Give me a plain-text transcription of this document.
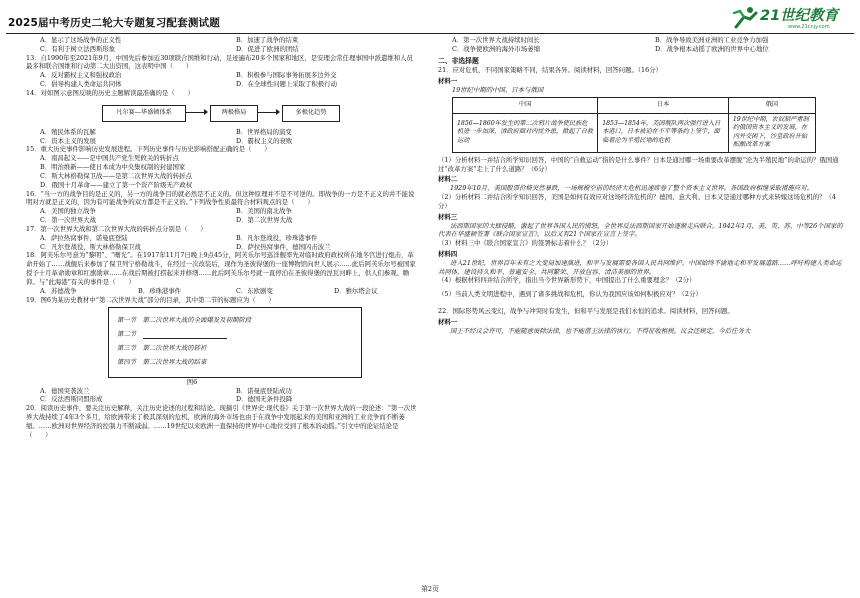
2025届中考历史二轮大专题复习配套测试题	21世纪教育
www.21cnjy.com
A．显示了这场战争的正义性	B．加速了战争的结束
C．有利于树立法西斯形象	D．促进了欧洲的团结

13．自1990年至2021年9月，中国先后参加近30项联合国维和行动，足迹遍布20多个国家和地区，是安理会常任理事国中派遣维和人员最多和联合国维和行动第二大出资国，这表明中国（　　）

A．反对霸权主义和强权政治	B．积极参与国际事务拓展多边外交
C．倡导构建人类命运共同体	D．在全球性问题上采取了积极行动

14．对如图示意图反映的历史主题解读最准确的是（　　）

凡尔赛—华盛顿体系	两极格局	多极化趋势
A．殖民体系的瓦解	B．世界格局的演变
C．资本主义的发展	D．霸权主义的衰败

15．重大历史事件影响历史发展进程。下列历史事件与历史影响搭配正确的是（　　）

A．南昌起义——是中国共产党生死攸关的转折点

B．明治维新——使日本成为中央集权制的封建国家

C．斯大林格勒保卫战——是第二次世界大战的转折点

D．俄国十月革命——建立了第一个资产阶级无产政权

16．“当一方的战争目的是正义的，另一方的战争目的就必然是不正义的。但这种原理并不是不可逆的。即战争的一方是不正义的并不能说明对方就是正义的，因为有可能战争的双方都是不正义的。”下列战争性质最符合材料观点的是（　　）

A．美国的独立战争	B．美国的南北战争
C．第一次世界大战	D．第二次世界大战

17．第一次世界大战和第二次世界大战的转折点分别是（　　）

A．萨拉热窝事件，诺曼底登陆	B．凡尔登战役，珍珠港事件
C．凡尔登战役，斯大林格勒保卫战	D．萨拉热窝事件，德国闪击波兰

18．阿芙乐尔号意为“黎明”、“曙光”。在1917年11月7日晚上9点45分，阿芙乐尔号巡洋舰率先对临时政府政权所在地冬宫进行炮击，革命开始了……战舰后来参加了保卫列宁格勒战斗，在经过一次改装后，现作为圣彼得堡的一座博物馆向世人展示……此后阿芙乐尔号被国家授予十月革命勋章和红旗勋章……在战后期被打捞起来并修缮……此后阿芙乐尔号就一直停泊在圣彼得堡的涅瓦河畔上，供人们参观、瞻仰。与“此海港”有关的事件是（　　）

A．苏德战争	B．珍珠港事件	C．东欧剧变	D．雅尔塔会议

19．图6为某历史教材中“第二次世界大战”部分的目录，其中第二节的标题应为（　　）

第一节　第二次世界大战的全面爆发及初期阶段

第二节　

第三节　第二次世界大战的转折

第四节　第二次世界大战的结束

图6

A．德国突袭波兰	B．诺曼底登陆成功
C．反法西斯同盟形成	D．德国无条件投降

20．阅读历史事件，要关注历史解释，关注历史论述的过程和结论。现摘引《世界史·现代卷》关于第一次世界大战的一段论述：“第一次世界大战持续了4年3个多月，给欧洲带来了极其深刻的危机，欧洲的海外市场也由于在战争中发展起来的美国和亚洲的工业竞争而不断萎缩。……欧洲对世界经济的控制力不断减弱。……19世纪以来欧洲一直保持的世界中心地位受到了根本的动摇。”引文中的论证结论是（　　）

A．第一次世界大战持续时间长	B．战争导致美洲亚洲的工业竞争力加强
C．战争使欧洲的海外市场萎缩	D．战争根本动摇了欧洲的世界中心地位

二、非选择题

21．应对危机，不同国家策略不同，结果各异。阅读材料，回答问题。（16分）

材料一

19世纪中期的中国、日本与俄国

中国	日本	俄国
1856—1860年发生的第二次鸦片战争使民族危机进一步加深，清政府面对内忧外患，掀起了自救运动	1853—1854年，美国舰队两次强行进入日本港口，日本被迫在不平等条约上签字，面临着沦为半殖民地的危机	19世纪中期，农奴制严重制约俄国资本主义的发展，在内外交困下，沙皇政府开始酝酿改革方案

（1）分析材料一并结合所学知识回答，中国的“自救运动”指的是什么事件？日本是通过哪一场重要改革摆脱“沦为半殖民地”的命运的？俄国通过“改革方案”走上了什么道路？（6分）

材料二

1929年10月，美国股票价格突然暴跌，一场规模空前的经济大危机迅速席卷了整个资本主义世界。各国政府相继采取措施应对。

（2）分析材料二并结合所学知识回答，美国是如何有效应对这场经济危机的？德国、意大利、日本又是通过哪种方式来转嫁这场危机的？（4分）

材料三

法西斯国家的大肆侵略，激起了世界各国人民的愤怒，全世界反法西斯国家开始逐渐走向联合。1942年1月，美、英、苏、中等26个国家的代表在华盛顿签署《联合国家宣言》，以后又有21个国家在宣言上签字。

（3）材料三中《联合国家宣言》的签署标志着什么？（2分）

材料四

进入21世纪，世界百年未有之大变局加速演进，和平与发展需要各国人民共同维护。中国始终不渝地走和平发展道路……呼吁构建人类命运共同体，建设持久和平、普遍安全、共同繁荣、开放包容、清洁美丽的世界。

（4）根据材料四并结合所学，指出当今世界新形势下，中国提出了什么重要理念？（2分）

（5）当前人类文明进程中，遇到了诸多挑战和危机，你认为我国应该如何积极应对？（2分）

22．国际形势风云变幻，战争与冲突时有发生，但和平与发展是我们永恒的追求。阅读材料，回答问题。

材料一

国王不经议会许可，不能随意废除法律，也不能借王法律的执行，不得征收租税。议会还规定，今后任务大

第2页
